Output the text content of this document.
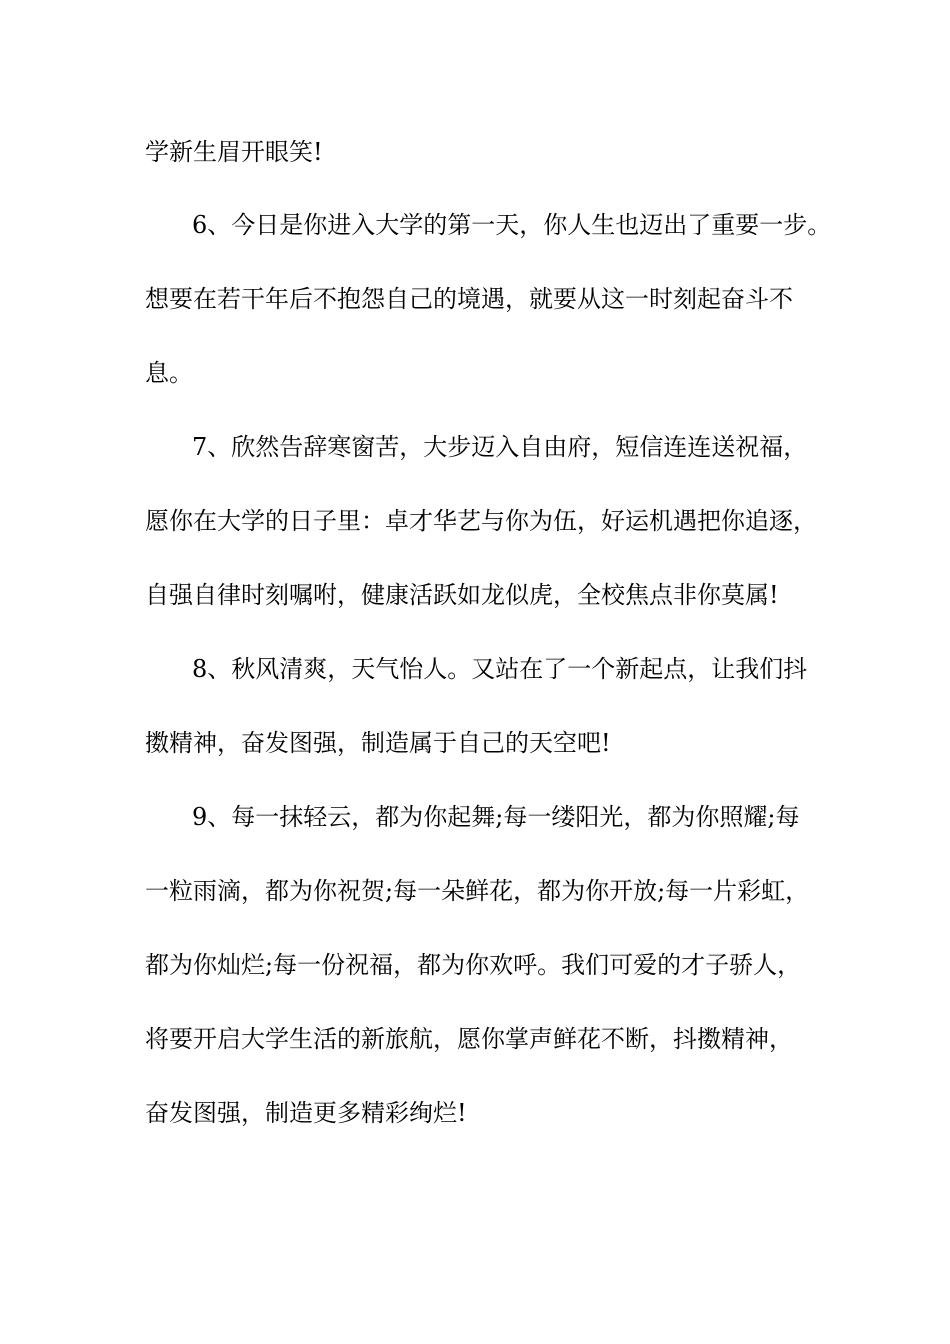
学新生眉开眼笑!
6、今日是你进入大学的第一天，你人生也迈出了重要一步。
想要在若干年后不抱怨自己的境遇，就要从这一时刻起奋斗不
息。
7、欣然告辞寒窗苦，大步迈入自由府，短信连连送祝福，
愿你在大学的日子里：卓才华艺与你为伍，好运机遇把你追逐，
自强自律时刻嘱咐，健康活跃如龙似虎，全校焦点非你莫属!
8、秋风清爽，天气怡人。又站在了一个新起点，让我们抖
擞精神，奋发图强，制造属于自己的天空吧!
9、每一抹轻云，都为你起舞;每一缕阳光，都为你照耀;每
一粒雨滴，都为你祝贺;每一朵鲜花，都为你开放;每一片彩虹，
都为你灿烂;每一份祝福，都为你欢呼。我们可爱的才子骄人，
将要开启大学生活的新旅航，愿你掌声鲜花不断，抖擞精神，
奋发图强，制造更多精彩绚烂!
